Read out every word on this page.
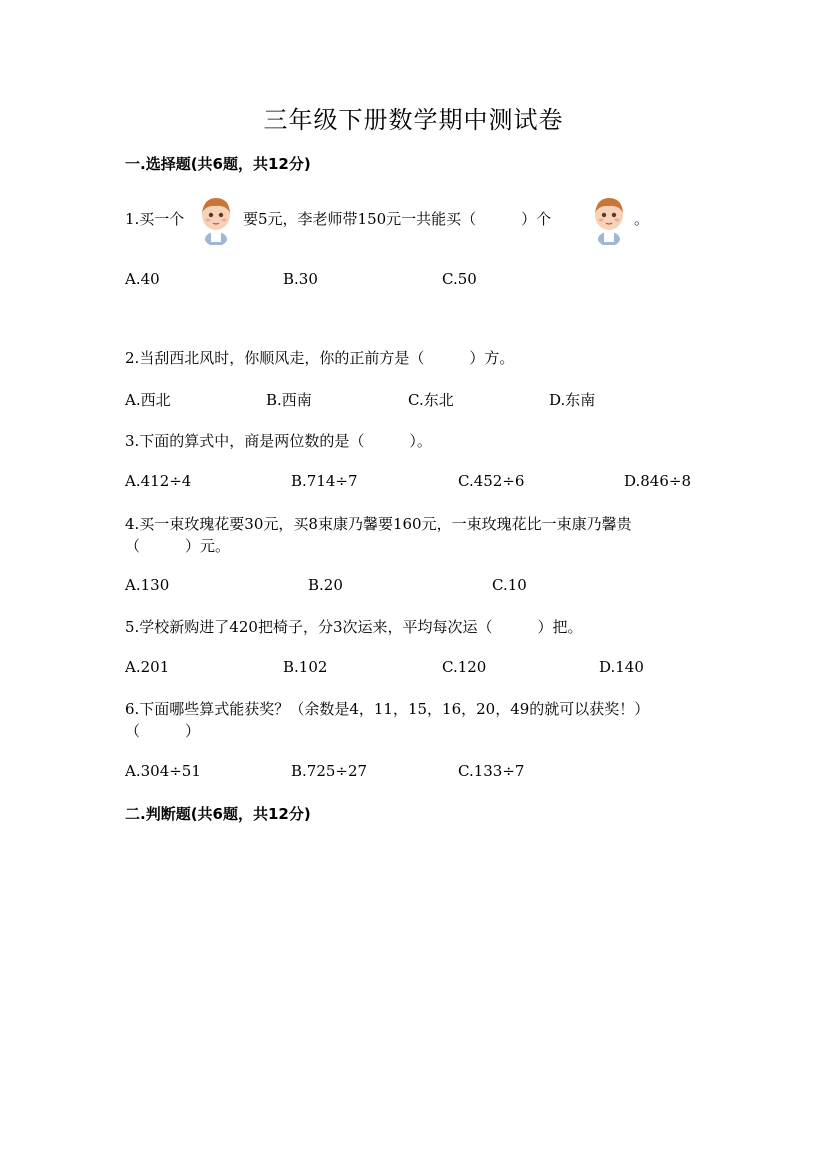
三年级下册数学期中测试卷
一.选择题(共6题，共12分)
1.买一个	要5元，李老师带150元一共能买（　　　）个	。
A.40	B.30	C.50
2.当刮西北风时，你顺风走，你的正前方是（　　　）方。
A.西北	B.西南	C.东北	D.东南
3.下面的算式中，商是两位数的是（　　　）。
A.412÷4	B.714÷7	C.452÷6	D.846÷8
4.买一束玫瑰花要30元，买8束康乃馨要160元，一束玫瑰花比一束康乃馨贵
（　　　）元。
A.130	B.20	C.10
5.学校新购进了420把椅子，分3次运来，平均每次运（　　　）把。
A.201	B.102	C.120	D.140
6.下面哪些算式能获奖？（余数是4，11，15，16，20，49的就可以获奖！）
（　　　）
A.304÷51	B.725÷27	C.133÷7
二.判断题(共6题，共12分)
